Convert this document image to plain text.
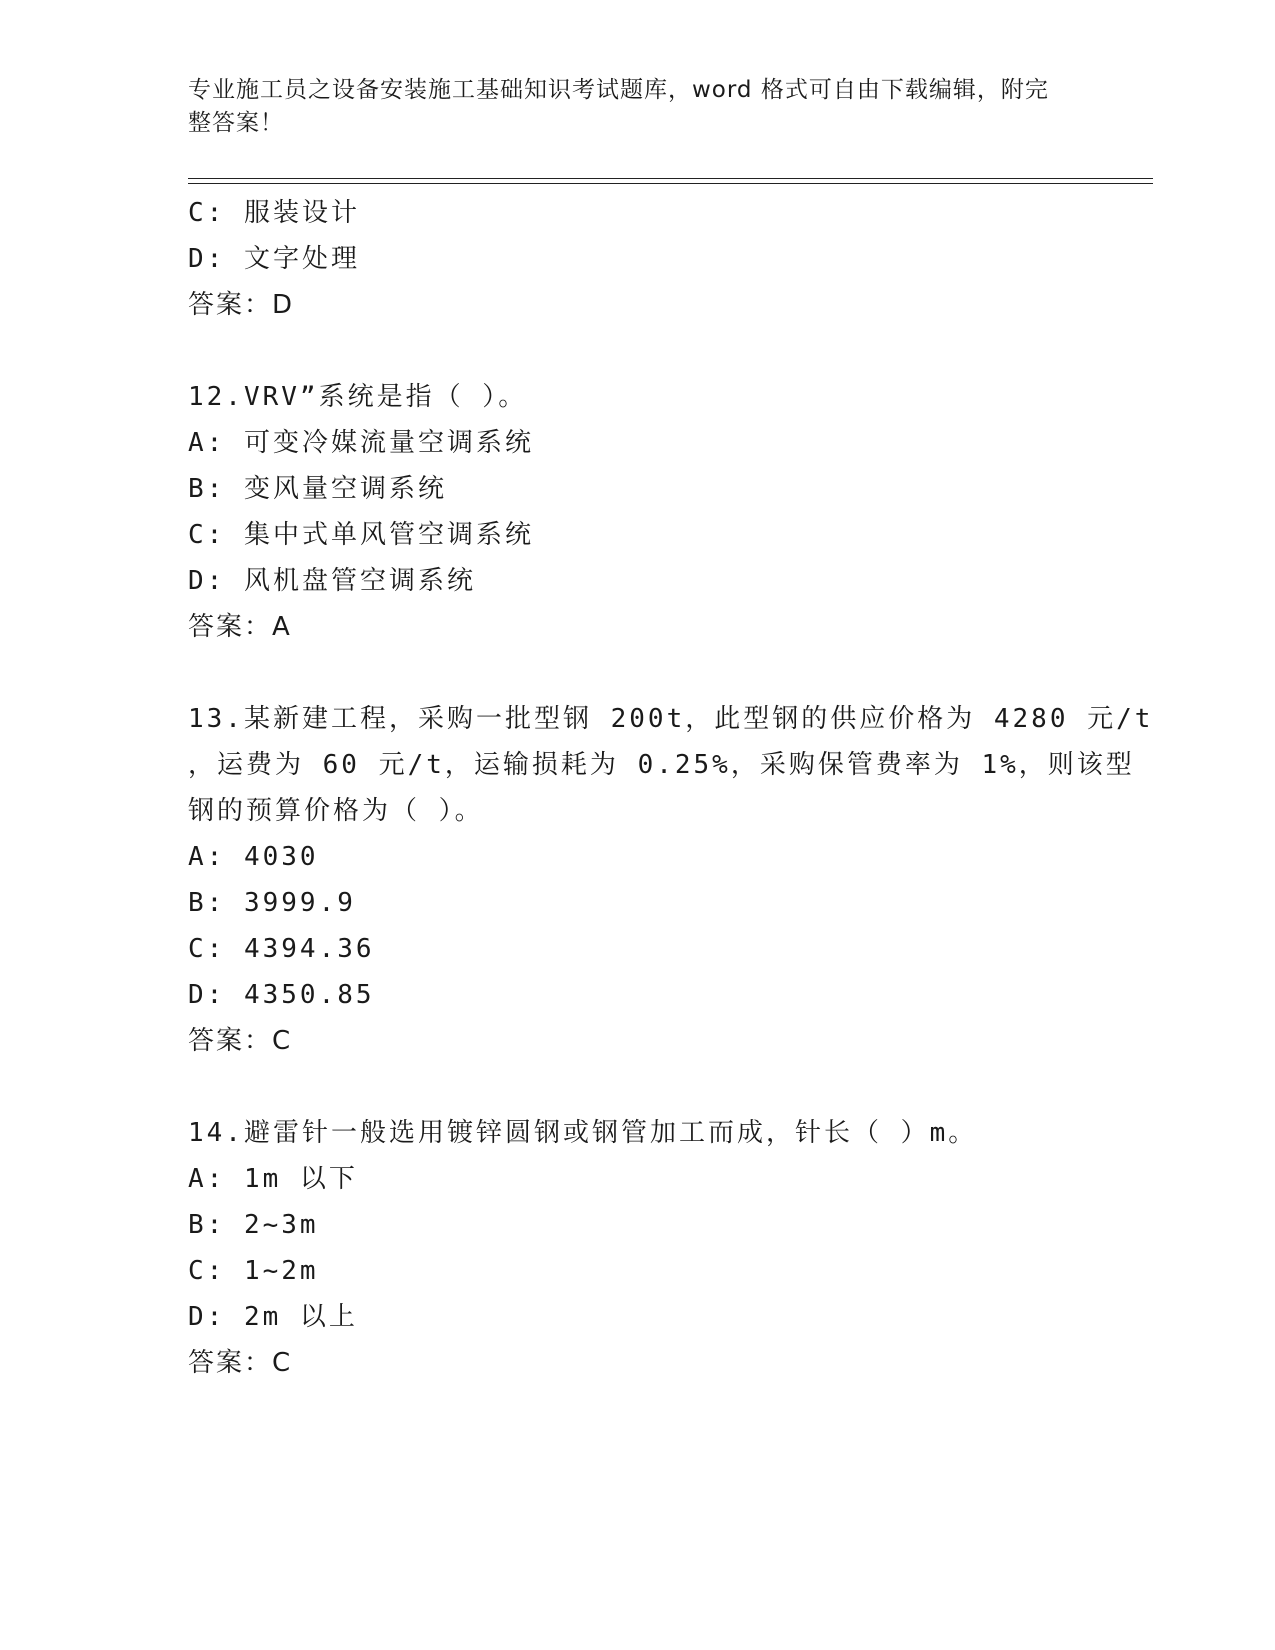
专业施工员之设备安装施工基础知识考试题库，word 格式可自由下载编辑，附完
整答案！
C: 服装设计
D: 文字处理
答案：D
12.VRV”系统是指（ ）。
A: 可变冷媒流量空调系统
B: 变风量空调系统
C: 集中式单风管空调系统
D: 风机盘管空调系统
答案：A
13.某新建工程，采购一批型钢 200t，此型钢的供应价格为 4280 元/t
，运费为 60 元/t，运输损耗为 0.25%，采购保管费率为 1%，则该型
钢的预算价格为（ ）。
A: 4030
B: 3999.9
C: 4394.36
D: 4350.85
答案：C
14.避雷针一般选用镀锌圆钢或钢管加工而成，针长（ ）m。
A: 1m 以下
B: 2~3m
C: 1~2m
D: 2m 以上
答案：C
